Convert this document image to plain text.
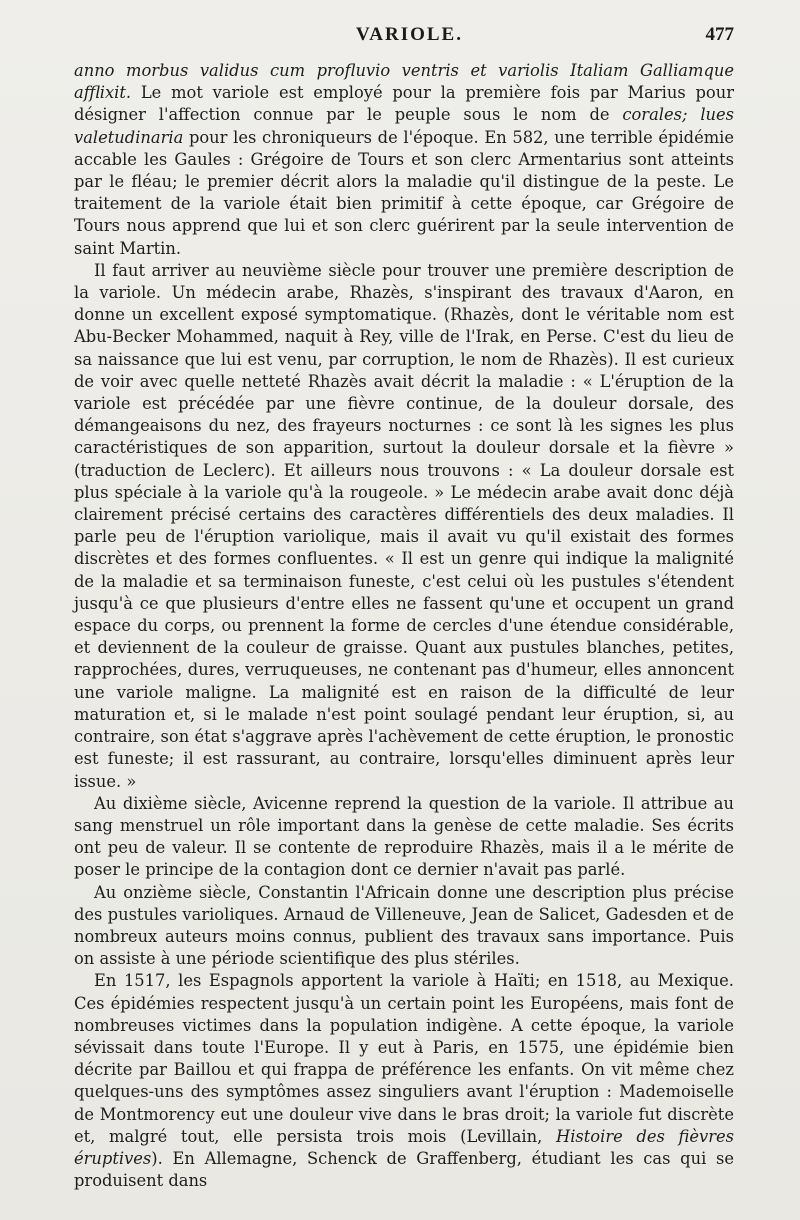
VARIOLE.	477

anno morbus validus cum profluvio ventris et variolis Italiam Galliamque afflixit. Le mot variole est employé pour la première fois par Marius pour désigner l'affection connue par le peuple sous le nom de corales; lues valetudinaria pour les chroniqueurs de l'époque. En 582, une terrible épidémie accable les Gaules : Grégoire de Tours et son clerc Armentarius sont atteints par le fléau; le premier décrit alors la maladie qu'il distingue de la peste. Le traitement de la variole était bien primitif à cette époque, car Grégoire de Tours nous apprend que lui et son clerc guérirent par la seule intervention de saint Martin.

Il faut arriver au neuvième siècle pour trouver une première description de la variole. Un médecin arabe, Rhazès, s'inspirant des travaux d'Aaron, en donne un excellent exposé symptomatique. (Rhazès, dont le véritable nom est Abu-Becker Mohammed, naquit à Rey, ville de l'Irak, en Perse. C'est du lieu de sa naissance que lui est venu, par corruption, le nom de Rhazès). Il est curieux de voir avec quelle netteté Rhazès avait décrit la maladie : « L'éruption de la variole est précédée par une fièvre continue, de la douleur dorsale, des démangeaisons du nez, des frayeurs nocturnes : ce sont là les signes les plus caractéristiques de son apparition, surtout la douleur dorsale et la fièvre » (traduction de Leclerc). Et ailleurs nous trouvons : « La douleur dorsale est plus spéciale à la variole qu'à la rougeole. » Le médecin arabe avait donc déjà clairement précisé certains des caractères différentiels des deux maladies. Il parle peu de l'éruption variolique, mais il avait vu qu'il existait des formes discrètes et des formes confluentes. « Il est un genre qui indique la malignité de la maladie et sa terminaison funeste, c'est celui où les pustules s'étendent jusqu'à ce que plusieurs d'entre elles ne fassent qu'une et occupent un grand espace du corps, ou prennent la forme de cercles d'une étendue considérable, et deviennent de la couleur de graisse. Quant aux pustules blanches, petites, rapprochées, dures, verruqueuses, ne contenant pas d'humeur, elles annoncent une variole maligne. La malignité est en raison de la difficulté de leur maturation et, si le malade n'est point soulagé pendant leur éruption, si, au contraire, son état s'aggrave après l'achèvement de cette éruption, le pronostic est funeste; il est rassurant, au contraire, lorsqu'elles diminuent après leur issue. »

Au dixième siècle, Avicenne reprend la question de la variole. Il attribue au sang menstruel un rôle important dans la genèse de cette maladie. Ses écrits ont peu de valeur. Il se contente de reproduire Rhazès, mais il a le mérite de poser le principe de la contagion dont ce dernier n'avait pas parlé.

Au onzième siècle, Constantin l'Africain donne une description plus précise des pustules varioliques. Arnaud de Villeneuve, Jean de Salicet, Gadesden et de nombreux auteurs moins connus, publient des travaux sans importance. Puis on assiste à une période scientifique des plus stériles.

En 1517, les Espagnols apportent la variole à Haïti; en 1518, au Mexique. Ces épidémies respectent jusqu'à un certain point les Européens, mais font de nombreuses victimes dans la population indigène. A cette époque, la variole sévissait dans toute l'Europe. Il y eut à Paris, en 1575, une épidémie bien décrite par Baillou et qui frappa de préférence les enfants. On vit même chez quelques-uns des symptômes assez singuliers avant l'éruption : Mademoiselle de Montmorency eut une douleur vive dans le bras droit; la variole fut discrète et, malgré tout, elle persista trois mois (Levillain, Histoire des fièvres éruptives). En Allemagne, Schenck de Graffenberg, étudiant les cas qui se produisent dans
